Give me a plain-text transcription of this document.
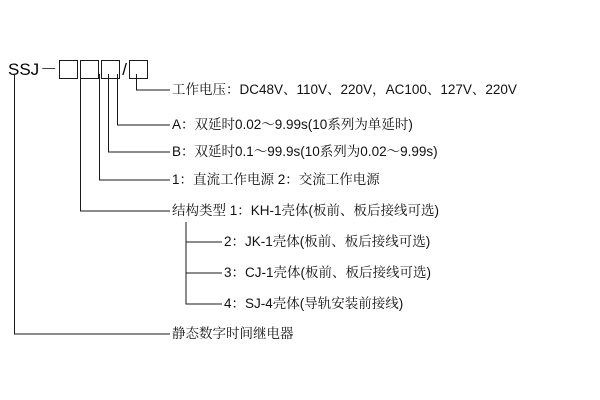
SSJ－	/
工作电压：DC48V、110V、220V，AC100、127V、220V
A：双延时0.02～9.99s(10系列为单延时)
B：双延时0.1～99.9s(10系列为0.02～9.99s)
1：直流工作电源 2：交流工作电源
结构类型 1：KH-1壳体(板前、板后接线可选)
2：JK-1壳体(板前、板后接线可选)
3：CJ-1壳体(板前、板后接线可选)
4：SJ-4壳体(导轨安装前接线)
静态数字时间继电器
